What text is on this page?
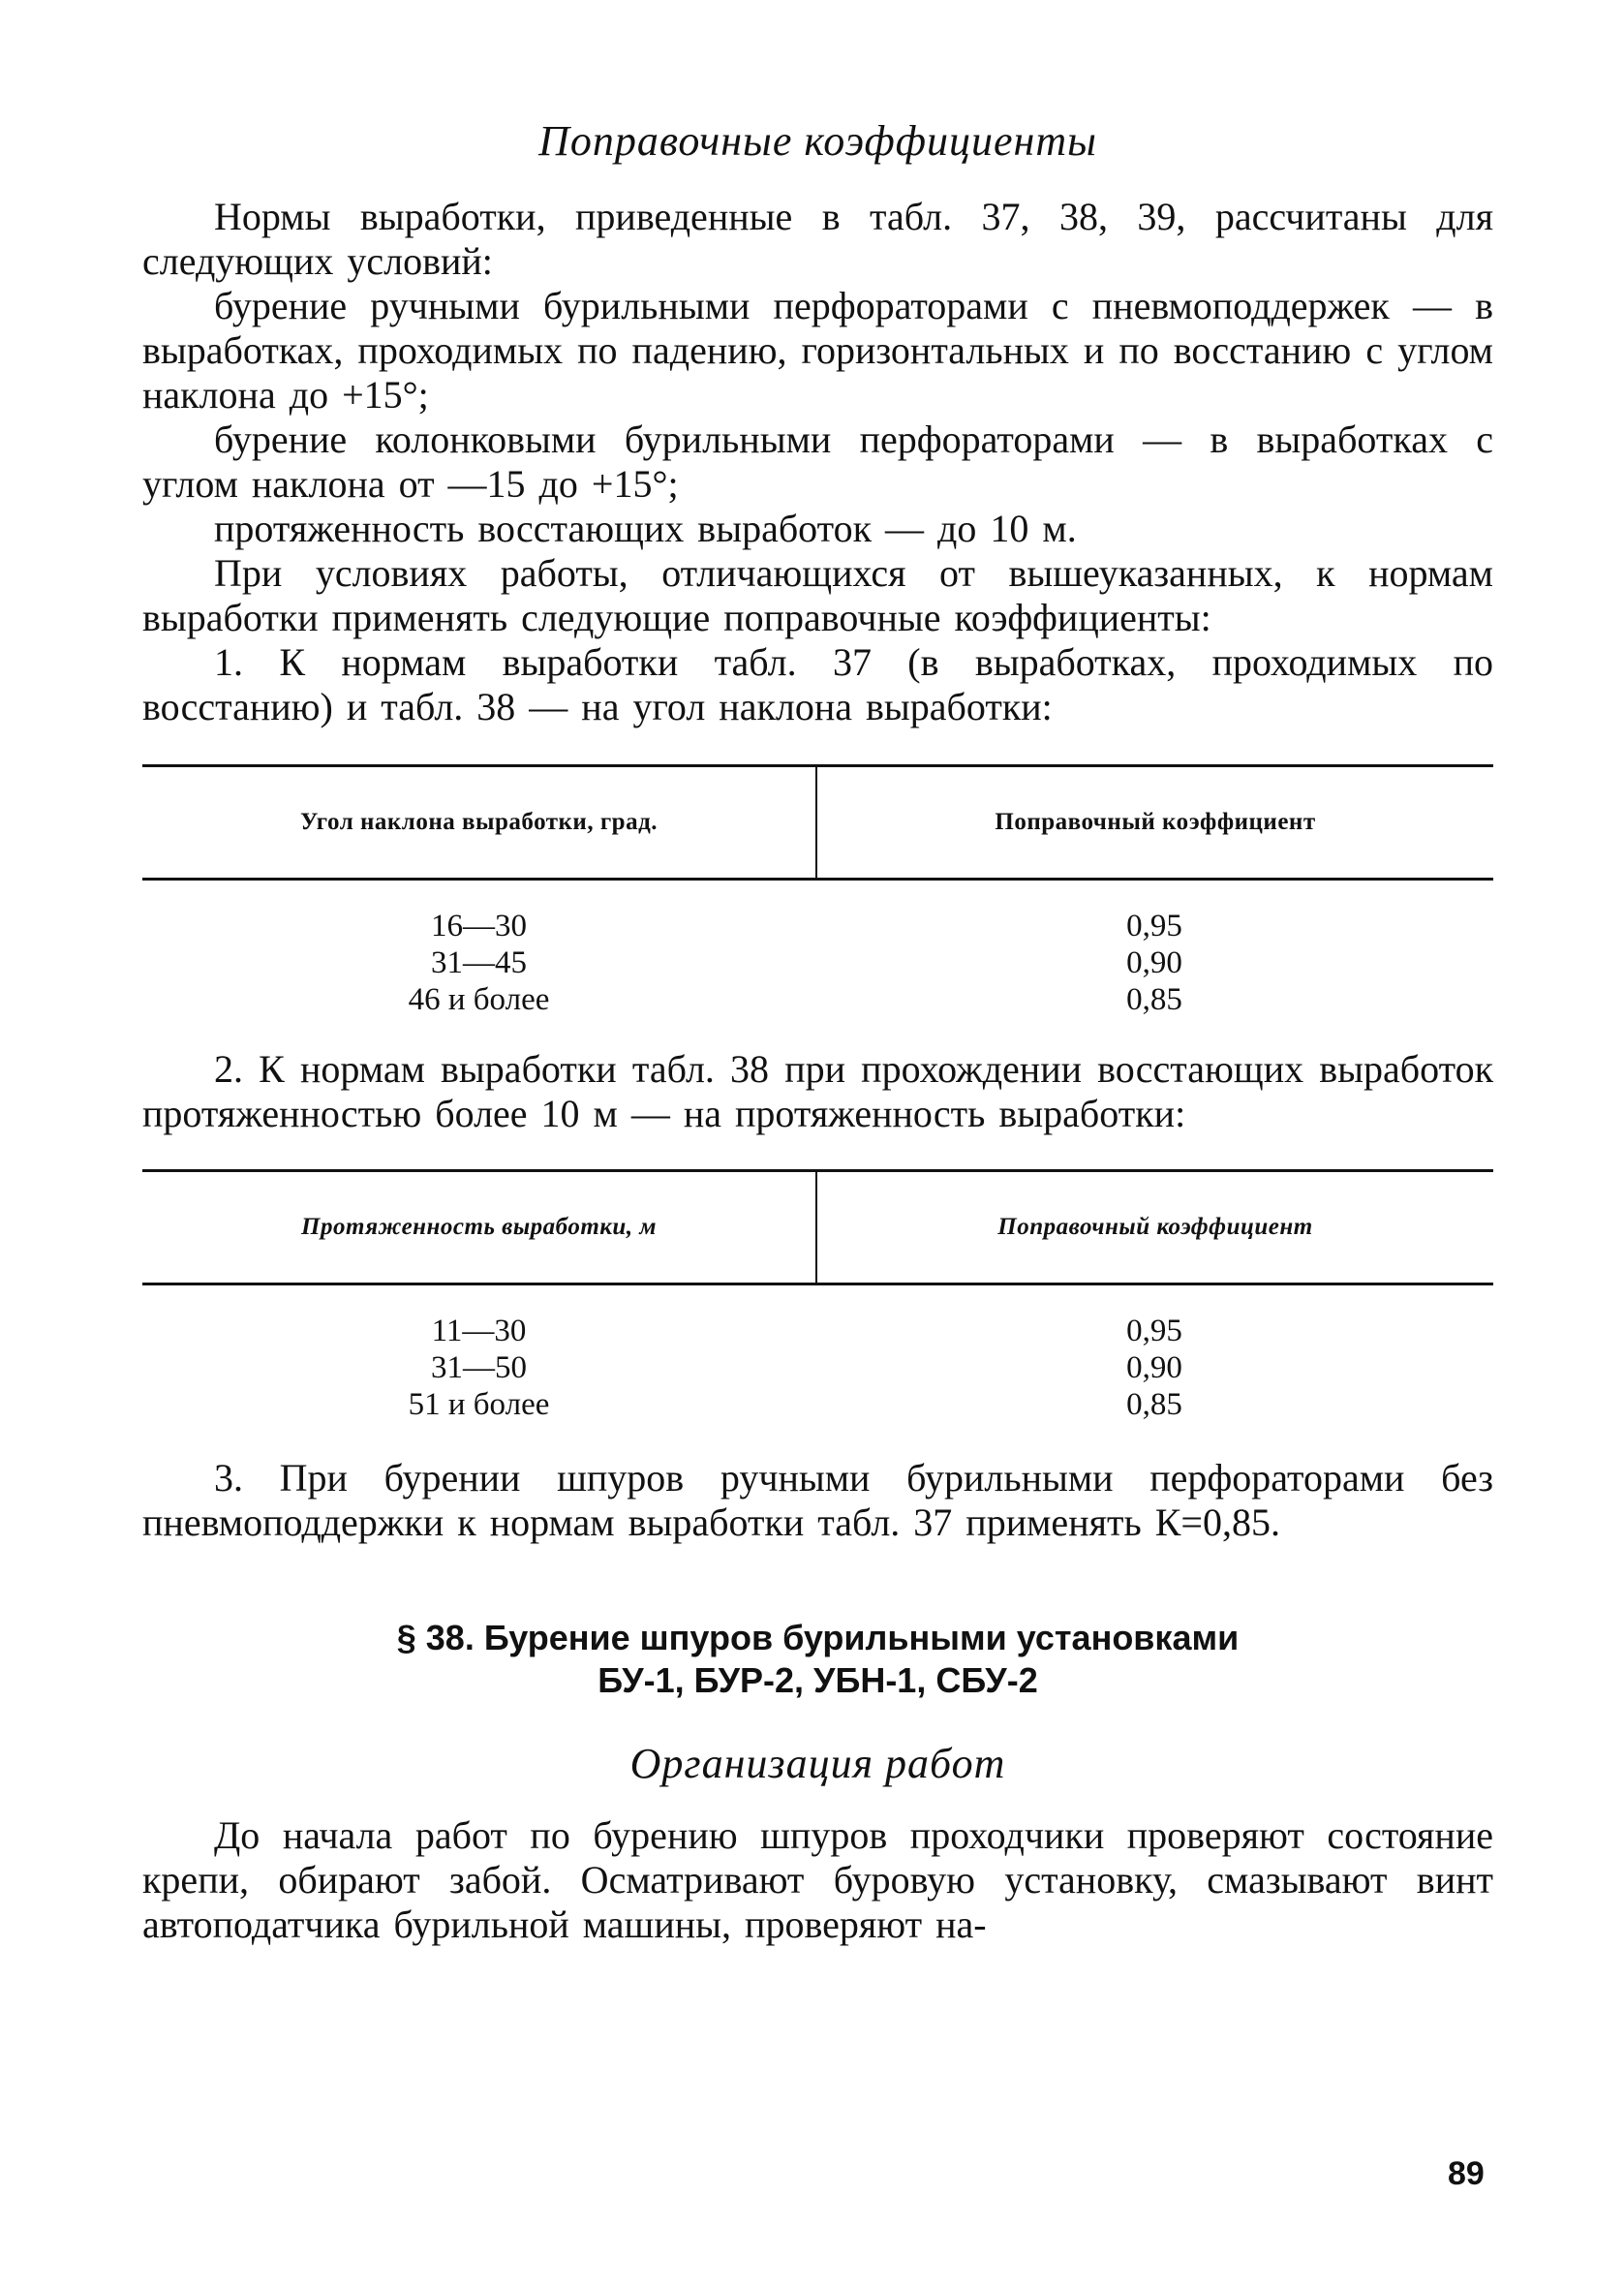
Поправочные коэффициенты

Нормы выработки, приведенные в табл. 37, 38, 39, рассчитаны для следующих условий:

бурение ручными бурильными перфораторами с пневмоподдержек — в выработках, проходимых по падению, горизонтальных и по восстанию с углом наклона до +15°;

бурение колонковыми бурильными перфораторами — в выработках с углом наклона от —15 до +15°;

протяженность восстающих выработок — до 10 м.

При условиях работы, отличающихся от вышеуказанных, к нормам выработки применять следующие поправочные коэффициенты:

1. К нормам выработки табл. 37 (в выработках, проходимых по восстанию) и табл. 38 — на угол наклона выработки:

Угол наклона выработки, град.	Поправочный коэффициент
16—30
31—45
46 и более
0,95
0,90
0,85

2. К нормам выработки табл. 38 при прохождении восстающих выработок протяженностью более 10 м — на протяженность выработки:

Протяженность выработки, м	Поправочный коэффициент
11—30
31—50
51 и более
0,95
0,90
0,85

3. При бурении шпуров ручными бурильными перфораторами без пневмоподдержки к нормам выработки табл. 37 применять К=0,85.

§ 38. Бурение шпуров бурильными установками

БУ-1, БУР-2, УБН-1, СБУ-2

Организация работ

До начала работ по бурению шпуров проходчики проверяют состояние крепи, обирают забой. Осматривают буровую установку, смазывают винт автоподатчика бурильной машины, проверяют на-

89
